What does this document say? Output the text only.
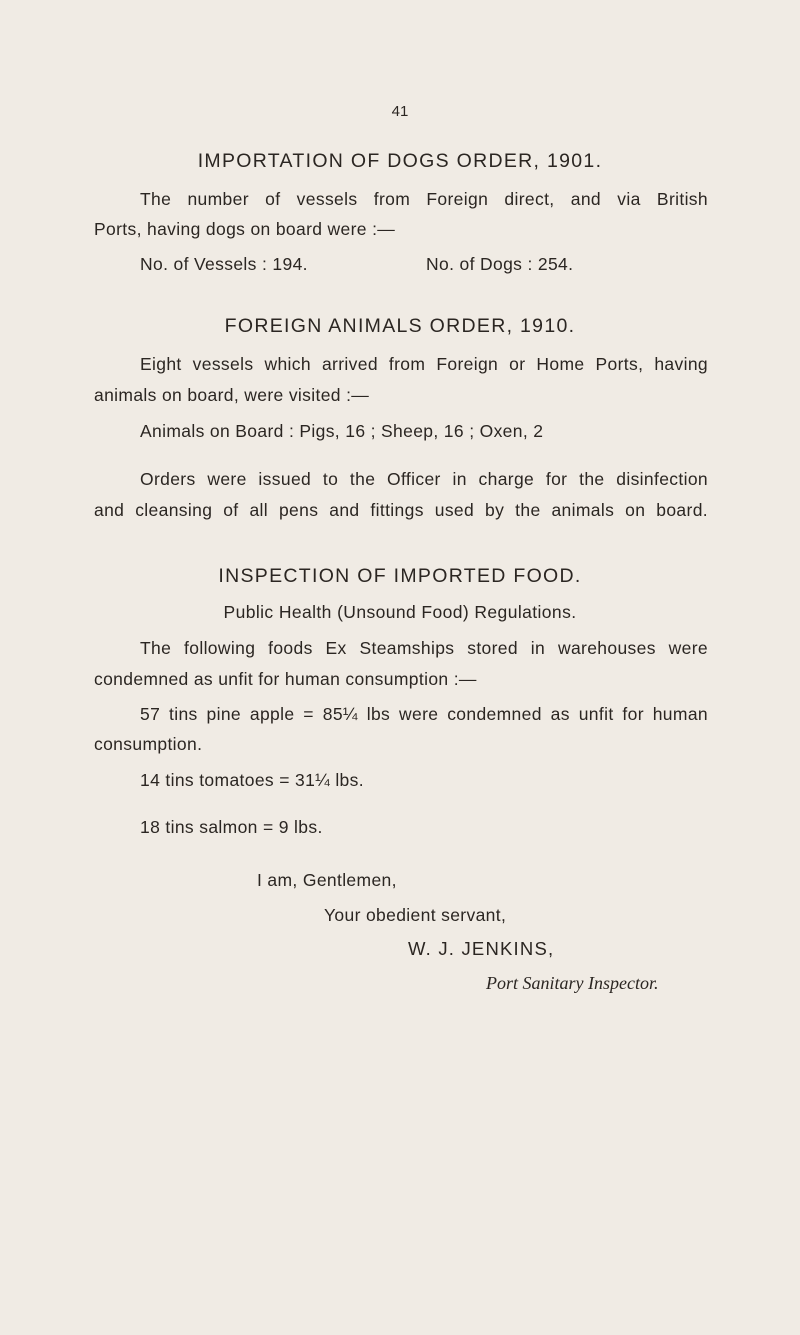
41
IMPORTATION OF DOGS ORDER, 1901.
The number of vessels from Foreign direct, and via British
Ports, having dogs on board were :—
No. of Vessels : 194.	No. of Dogs : 254.
FOREIGN ANIMALS ORDER, 1910.
Eight vessels which arrived from Foreign or Home Ports, having
animals on board, were visited :—
Animals on Board : Pigs, 16 ; Sheep, 16 ; Oxen, 2
Orders were issued to the Officer in charge for the disinfection
and cleansing of all pens and fittings used by the animals on board.
INSPECTION OF IMPORTED FOOD.
Public Health (Unsound Food) Regulations.
The following foods Ex Steamships stored in warehouses were
condemned as unfit for human consumption :—
57 tins pine apple = 85¼ lbs were condemned as unfit for human
consumption.
14 tins tomatoes = 31¼ lbs.
18 tins salmon = 9 lbs.
I am, Gentlemen,
Your obedient servant,
W. J. JENKINS,
Port Sanitary Inspector.
